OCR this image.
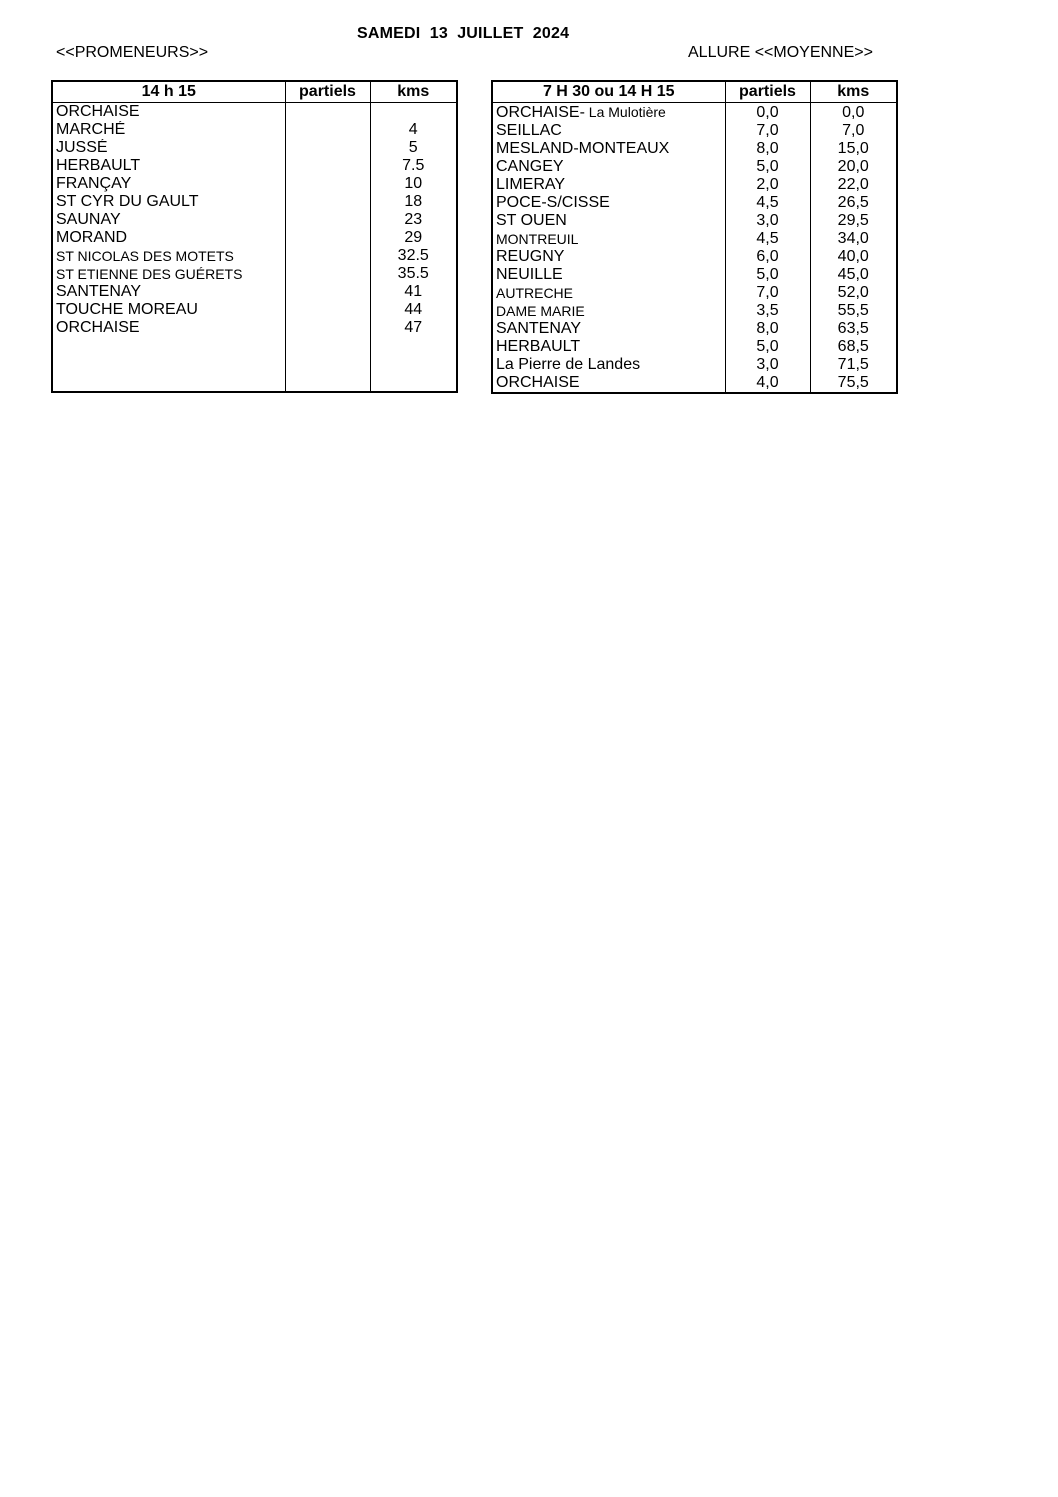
SAMEDI  13  JUILLET  2024
<<PROMENEURS>>	ALLURE <<MOYENNE>>
14 h 15	partiels	kms
ORCHAISE		
MARCHÉ		4
JUSSÉ		5
HERBAULT		7.5
FRANÇAY		10
ST CYR DU GAULT		18
SAUNAY		23
MORAND		29
ST NICOLAS DES MOTETS		32.5
ST ETIENNE DES GUÉRETS		35.5
SANTENAY		41
TOUCHE MOREAU		44
ORCHAISE		47

7 H 30 ou 14 H 15	partiels	kms
ORCHAISE- La Mulotière	0,0	0,0
SEILLAC	7,0	7,0
MESLAND-MONTEAUX	8,0	15,0
CANGEY	5,0	20,0
LIMERAY	2,0	22,0
POCE-S/CISSE	4,5	26,5
ST OUEN	3,0	29,5
MONTREUIL	4,5	34,0
REUGNY	6,0	40,0
NEUILLE	5,0	45,0
AUTRECHE	7,0	52,0
DAME MARIE	3,5	55,5
SANTENAY	8,0	63,5
HERBAULT	5,0	68,5
La Pierre de Landes	3,0	71,5
ORCHAISE	4,0	75,5
